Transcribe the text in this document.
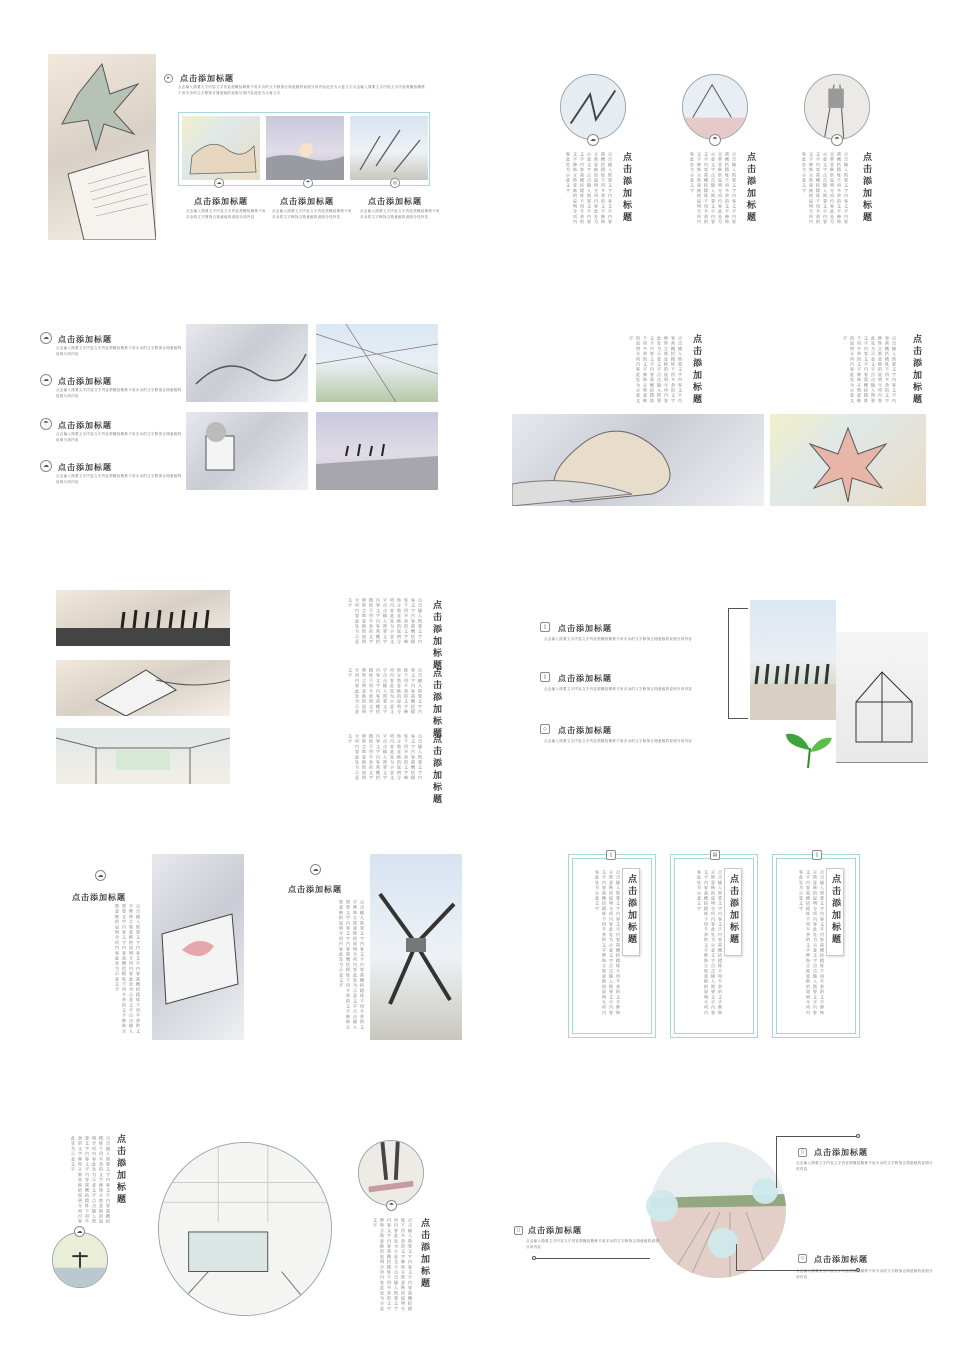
▸	点击添加标题
点击输入简要文字内容文字内容需概括精炼不用多余的文字修饰言简意赅的说明分项内容此处为示意文字点击输入简要文字内容文字内容需概括精炼不用多余的文字修饰言简意赅的说明分项内容此处为示意文字
☁	☂	◎
点击添加标题	点击添加标题	点击添加标题
点击输入简要文字内容文字内容需概括精炼不用多余的文字修饰言简意赅的说明分项内容
点击输入简要文字内容文字内容需概括精炼不用多余的文字修饰言简意赅的说明分项内容
点击输入简要文字内容文字内容需概括精炼不用多余的文字修饰言简意赅的说明分项内容
☁	☂	☂
点击输入简要文字内容文字内容需概括精炼不用多余的文字修饰言简意赅的说明分项内容此处为示意文字点击输入简要文字内容文字内容需概括精炼不用多余的文字修饰言简意赅的说明分项内容此处为示意文字	点击添加标题	点击输入简要文字内容文字内容需概括精炼不用多余的文字修饰言简意赅的说明分项内容此处为示意文字点击输入简要文字内容文字内容需概括精炼不用多余的文字修饰言简意赅的说明分项内容此处为示意文字	点击添加标题	点击输入简要文字内容文字内容需概括精炼不用多余的文字修饰言简意赅的说明分项内容此处为示意文字点击输入简要文字内容文字内容需概括精炼不用多余的文字修饰言简意赅的说明分项内容此处为示意文字	点击添加标题
☁	点击添加标题
点击输入简要文字内容文字内容需概括精炼不用多余的文字修饰言简意赅的说明分项内容
☁	点击添加标题
点击输入简要文字内容文字内容需概括精炼不用多余的文字修饰言简意赅的说明分项内容
☂	点击添加标题
点击输入简要文字内容文字内容需概括精炼不用多余的文字修饰言简意赅的说明分项内容
☁	点击添加标题
点击输入简要文字内容文字内容需概括精炼不用多余的文字修饰言简意赅的说明分项内容
点击输入简要文字内容文字内容需概括精炼不用多余的文字修饰言简意赅的说明分项内容此处为示意文字点击输入简要文字内容文字内容需概括精炼不用多余的文字修饰言简意赅的说明分项内容此处为示意文字	点击添加标题	点击输入简要文字内容文字内容需概括精炼不用多余的文字修饰言简意赅的说明分项内容此处为示意文字点击输入简要文字内容文字内容需概括精炼不用多余的文字修饰言简意赅的说明分项内容此处为示意文字	点击添加标题
点击输入简要文字内容文字内容需概括精炼不用多余的文字修饰言简意赅的说明分项内容此处为示意文字点击输入简要文字内容文字内容需概括精炼不用多余的文字修饰言简意赅的说明分项内容此处为示意文字	点击添加标题
点击输入简要文字内容文字内容需概括精炼不用多余的文字修饰言简意赅的说明分项内容此处为示意文字点击输入简要文字内容文字内容需概括精炼不用多余的文字修饰言简意赅的说明分项内容此处为示意文字	点击添加标题
点击输入简要文字内容文字内容需概括精炼不用多余的文字修饰言简意赅的说明分项内容此处为示意文字点击输入简要文字内容文字内容需概括精炼不用多余的文字修饰言简意赅的说明分项内容此处为示意文字	点击添加标题
▯	点击添加标题
点击输入简要文字内容文字内容需概括精炼不用多余的文字修饰言简意赅的说明分项内容
▯	点击添加标题
点击输入简要文字内容文字内容需概括精炼不用多余的文字修饰言简意赅的说明分项内容
◇	点击添加标题
点击输入简要文字内容文字内容需概括精炼不用多余的文字修饰言简意赅的说明分项内容
☁
点击添加标题
点击输入简要文字内容文字内容需概括精炼不用多余的文字修饰言简意赅的说明分项内容此处为示意文字点击输入简要文字内容文字内容需概括精炼不用多余的文字修饰言简意赅的说明分项内容此处为示意文字
☁
点击添加标题
点击输入简要文字内容文字内容需概括精炼不用多余的文字修饰言简意赅的说明分项内容此处为示意文字点击输入简要文字内容文字内容需概括精炼不用多余的文字修饰言简意赅的说明分项内容此处为示意文字
▯
点击输入简要文字内容文字内容需概括精炼不用多余的文字修饰言简意赅的说明分项内容此处为示意文字点击输入简要文字内容文字内容需概括精炼不用多余的文字修饰言简意赅的说明分项内容此处为示意文字	点击添加标题
▤
点击输入简要文字内容文字内容需概括精炼不用多余的文字修饰言简意赅的说明分项内容此处为示意文字点击输入简要文字内容文字内容需概括精炼不用多余的文字修饰言简意赅的说明分项内容此处为示意文字	点击添加标题
▯
点击输入简要文字内容文字内容需概括精炼不用多余的文字修饰言简意赅的说明分项内容此处为示意文字点击输入简要文字内容文字内容需概括精炼不用多余的文字修饰言简意赅的说明分项内容此处为示意文字	点击添加标题
点击输入简要文字内容文字内容需概括精炼不用多余的文字修饰言简意赅的说明分项内容此处为示意文字点击输入简要文字内容文字内容需概括精炼不用多余的文字修饰言简意赅的说明分项内容此处为示意文字	点击添加标题
☁
☂
点击输入简要文字内容文字内容需概括精炼不用多余的文字修饰言简意赅的说明分项内容此处为示意文字点击输入简要文字内容文字内容需概括精炼不用多余的文字修饰言简意赅的说明分项内容此处为示意文字	点击添加标题
▯	点击添加标题
点击输入简要文字内容文字内容需概括精炼不用多余的文字修饰言简意赅的说明分项内容
▯	点击添加标题
点击输入简要文字内容文字内容需概括精炼不用多余的文字修饰言简意赅的说明分项内容
◇	点击添加标题
点击输入简要文字内容文字内容需概括精炼不用多余的文字修饰言简意赅的说明分项内容
